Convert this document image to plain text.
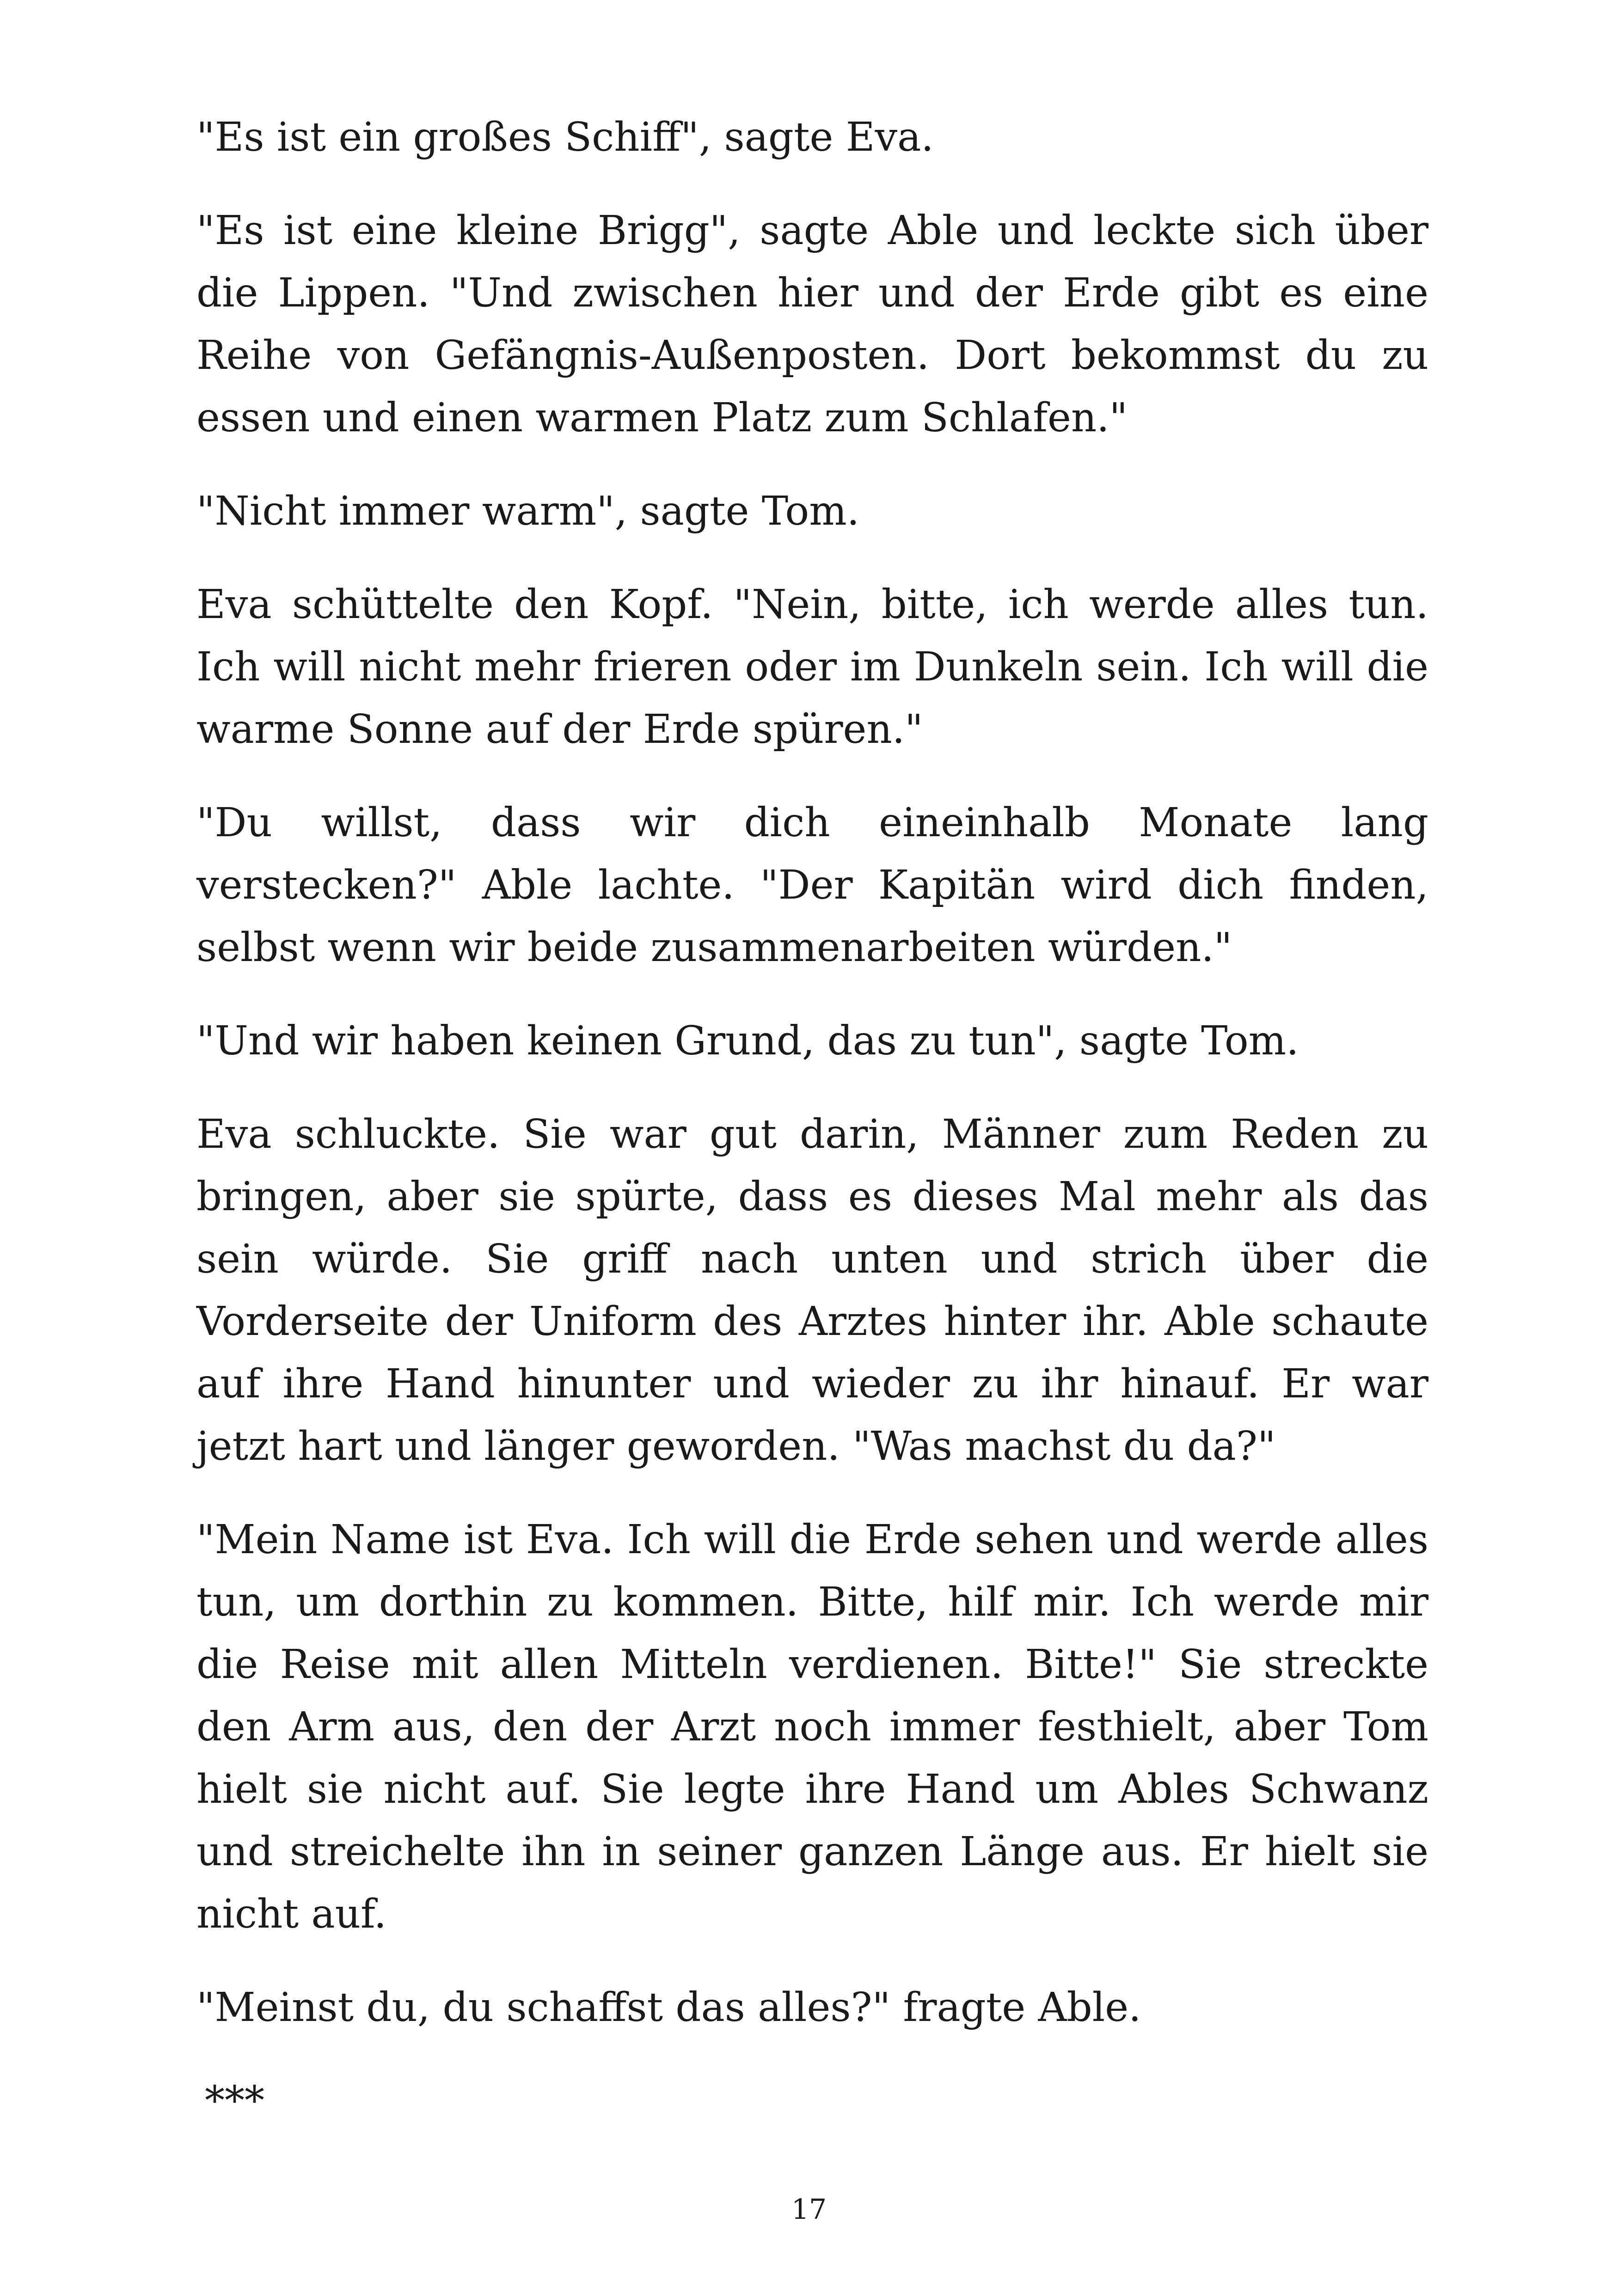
"Es ist ein großes Schiff", sagte Eva.

"Es ist eine kleine Brigg", sagte Able und leckte sich über die Lippen. "Und zwischen hier und der Erde gibt es eine Reihe von Gefängnis-Außenposten. Dort bekommst du zu essen und einen warmen Platz zum Schlafen."

"Nicht immer warm", sagte Tom.

Eva schüttelte den Kopf. "Nein, bitte, ich werde alles tun. Ich will nicht mehr frieren oder im Dunkeln sein. Ich will die warme Sonne auf der Erde spüren."

"Du willst, dass wir dich eineinhalb Monate lang verstecken?" Able lachte. "Der Kapitän wird dich finden, selbst wenn wir beide zusammenarbeiten würden."

"Und wir haben keinen Grund, das zu tun", sagte Tom.

Eva schluckte. Sie war gut darin, Männer zum Reden zu bringen, aber sie spürte, dass es dieses Mal mehr als das sein würde. Sie griff nach unten und strich über die Vorderseite der Uniform des Arztes hinter ihr. Able schaute auf ihre Hand hinunter und wieder zu ihr hinauf. Er war jetzt hart und länger geworden. "Was machst du da?"

"Mein Name ist Eva. Ich will die Erde sehen und werde alles tun, um dorthin zu kommen. Bitte, hilf mir. Ich werde mir die Reise mit allen Mitteln verdienen. Bitte!" Sie streckte den Arm aus, den der Arzt noch immer festhielt, aber Tom hielt sie nicht auf. Sie legte ihre Hand um Ables Schwanz und streichelte ihn in seiner ganzen Länge aus. Er hielt sie nicht auf.

"Meinst du, du schaffst das alles?" fragte Able.

***

17
